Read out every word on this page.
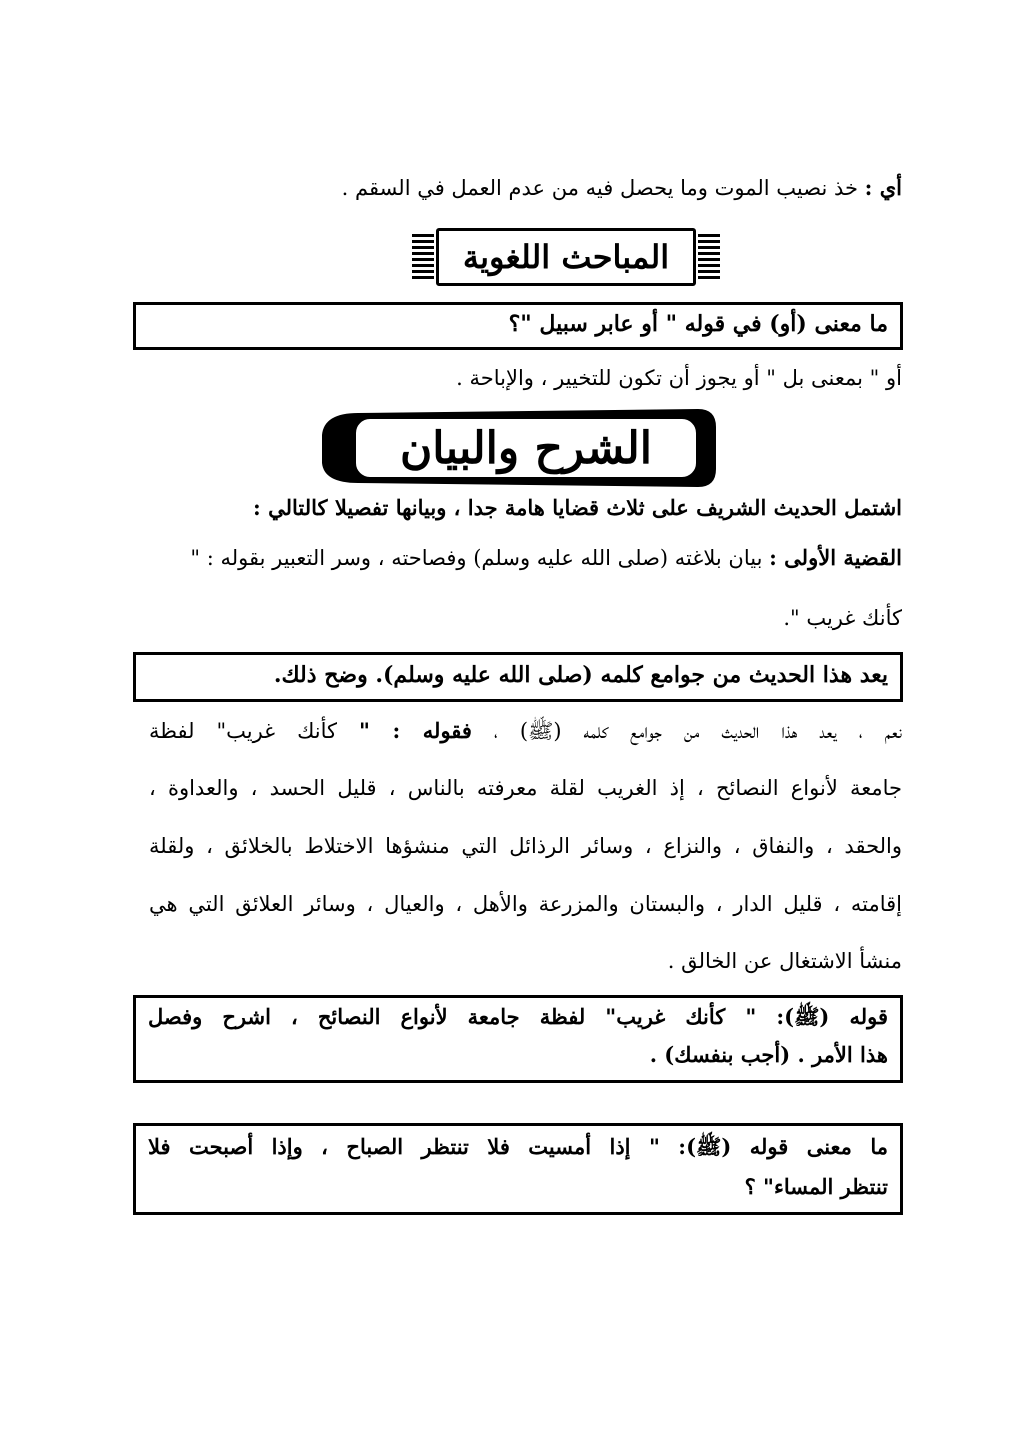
أي : خذ نصيب الموت وما يحصل فيه من عدم العمل في السقم .
المباحث اللغوية
ما معنى (أو) في قوله " أو عابر سبيل "؟
أو " بمعنى بل " أو يجوز أن تكون للتخيير ، والإباحة .
الشرح والبيان
اشتمل الحديث الشريف على ثلاث قضايا هامة جدا ، وبيانها تفصيلا كالتالي :
القضية الأولى : بيان بلاغته (صلى الله عليه وسلم) وفصاحته ، وسر التعبير بقوله : "
كأنك غريب ".
يعد هذا الحديث من جوامع كلمه (صلى الله عليه وسلم). وضح ذلك.
نعم ، يعد هذا الحديث من جوامع كلمه (ﷺ) ، فقوله : " كأنك غريب" لفظة
جامعة لأنواع النصائح ، إذ الغريب لقلة معرفته بالناس ، قليل الحسد ، والعداوة ،
والحقد ، والنفاق ، والنزاع ، وسائر الرذائل التي منشؤها الاختلاط بالخلائق ، ولقلة
إقامته ، قليل الدار ، والبستان والمزرعة والأهل ، والعيال ، وسائر العلائق التي هي
منشأ الاشتغال عن الخالق .
قوله (ﷺ): " كأنك غريب" لفظة جامعة لأنواع النصائح ، اشرح وفصل
هذا الأمر . (أجب بنفسك) .
ما معنى قوله (ﷺ): " إذا أمسيت فلا تنتظر الصباح ، وإذا أصبحت فلا
تنتظر المساء" ؟
